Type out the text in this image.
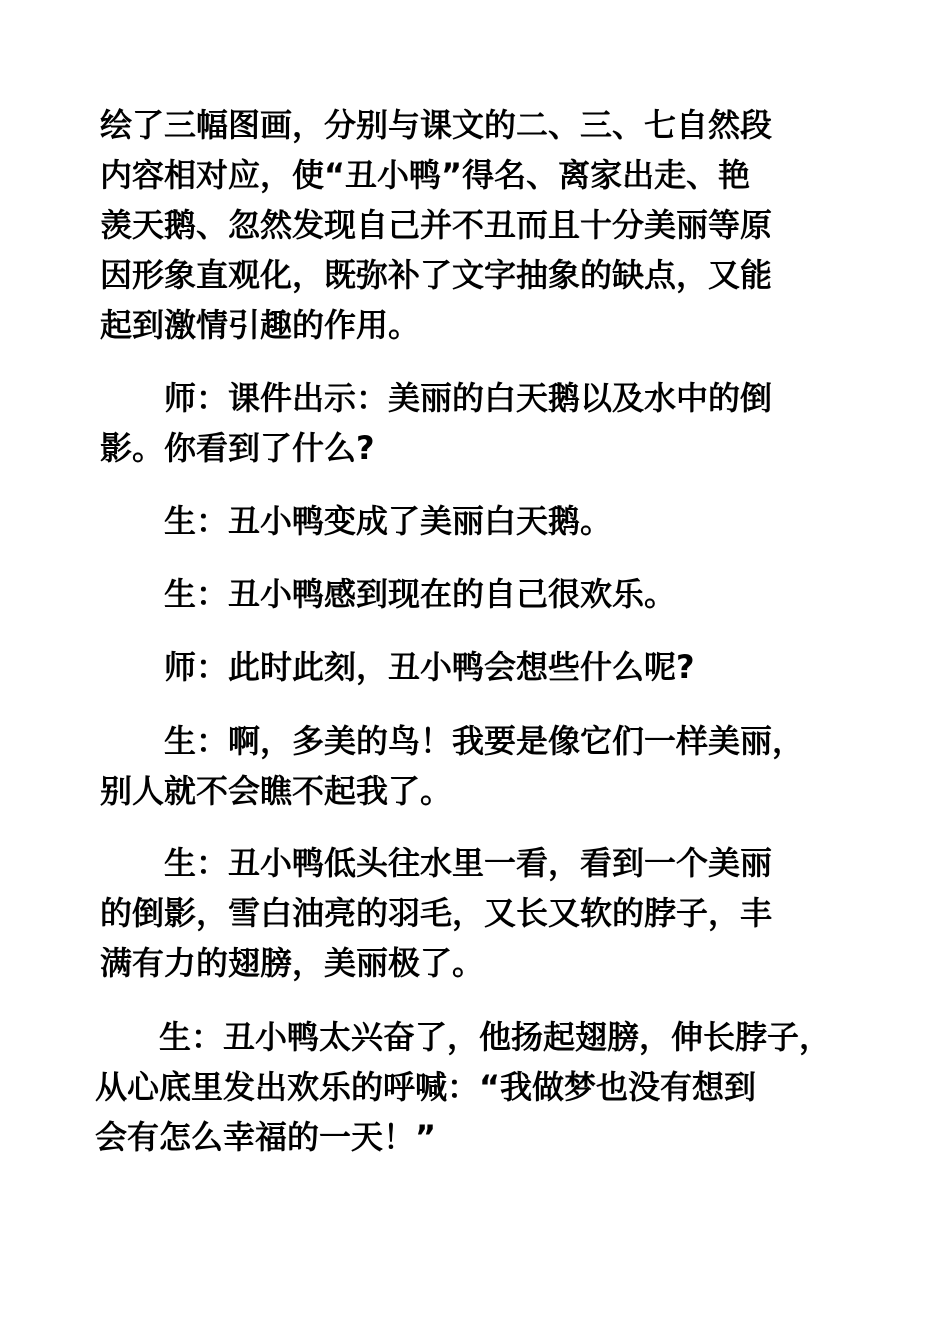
绘了三幅图画，分别与课文的二、三、七自然段
内容相对应，使“丑小鸭”得名、离家出走、艳
羡天鹅、忽然发现自己并不丑而且十分美丽等原
因形象直观化，既弥补了文字抽象的缺点，又能
起到激情引趣的作用。

　　师：课件出示：美丽的白天鹅以及水中的倒
影。你看到了什么?

　　生：丑小鸭变成了美丽白天鹅。

　　生：丑小鸭感到现在的自己很欢乐。

　　师：此时此刻，丑小鸭会想些什么呢?

　　生：啊，多美的鸟！我要是像它们一样美丽，
别人就不会瞧不起我了。

　　生：丑小鸭低头往水里一看，看到一个美丽
的倒影，雪白油亮的羽毛，又长又软的脖子，丰
满有力的翅膀，美丽极了。

　　生：丑小鸭太兴奋了，他扬起翅膀，伸长脖子，
从心底里发出欢乐的呼喊：“我做梦也没有想到
会有怎么幸福的一天！”
